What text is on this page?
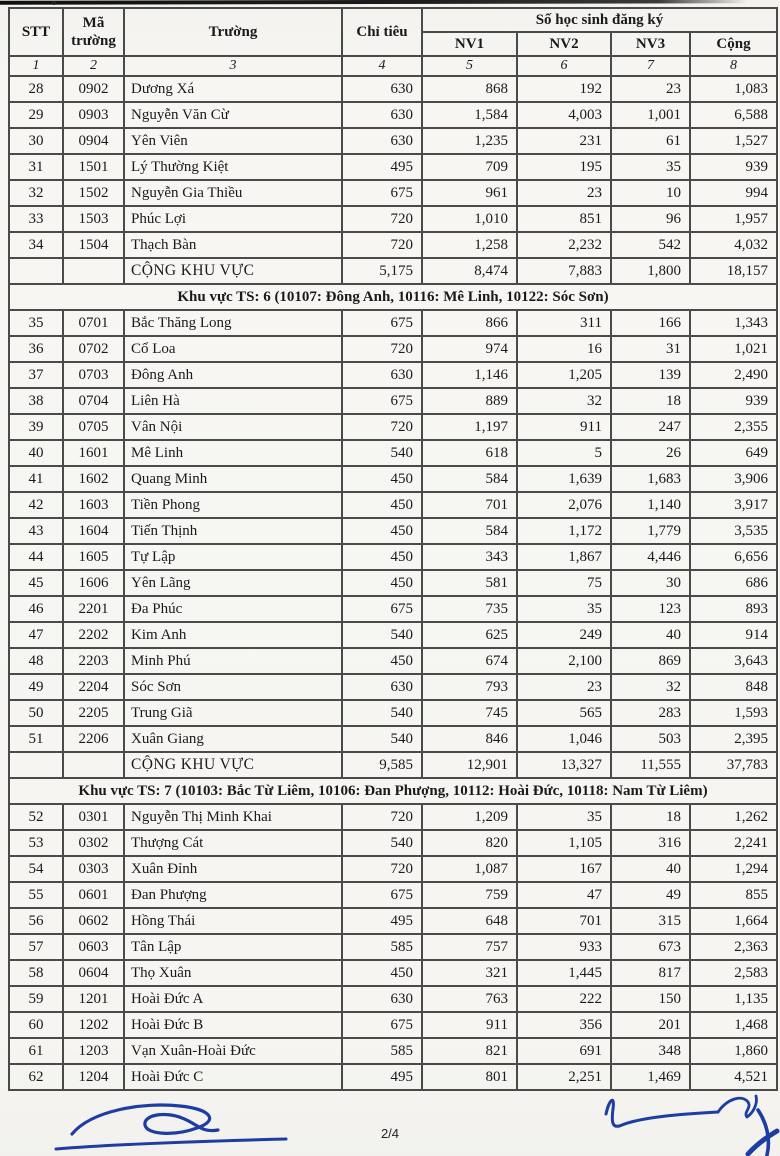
STT	Mã trường	Trường	Chỉ tiêu	Số học sinh đăng ký			
				NV1	NV2	NV3	Cộng
1	2	3	4	5	6	7	8
28	0902	Dương Xá	630	868	192	23	1,083
29	0903	Nguyễn Văn Cừ	630	1,584	4,003	1,001	6,588
30	0904	Yên Viên	630	1,235	231	61	1,527
31	1501	Lý Thường Kiệt	495	709	195	35	939
32	1502	Nguyễn Gia Thiều	675	961	23	10	994
33	1503	Phúc Lợi	720	1,010	851	96	1,957
34	1504	Thạch Bàn	720	1,258	2,232	542	4,032
		CỘNG KHU VỰC	5,175	8,474	7,883	1,800	18,157
Khu vực TS: 6 (10107: Đông Anh, 10116: Mê Linh, 10122: Sóc Sơn)							
35	0701	Bắc Thăng Long	675	866	311	166	1,343
36	0702	Cổ Loa	720	974	16	31	1,021
37	0703	Đông Anh	630	1,146	1,205	139	2,490
38	0704	Liên Hà	675	889	32	18	939
39	0705	Vân Nội	720	1,197	911	247	2,355
40	1601	Mê Linh	540	618	5	26	649
41	1602	Quang Minh	450	584	1,639	1,683	3,906
42	1603	Tiền Phong	450	701	2,076	1,140	3,917
43	1604	Tiến Thịnh	450	584	1,172	1,779	3,535
44	1605	Tự Lập	450	343	1,867	4,446	6,656
45	1606	Yên Lãng	450	581	75	30	686
46	2201	Đa Phúc	675	735	35	123	893
47	2202	Kim Anh	540	625	249	40	914
48	2203	Minh Phú	450	674	2,100	869	3,643
49	2204	Sóc Sơn	630	793	23	32	848
50	2205	Trung Giã	540	745	565	283	1,593
51	2206	Xuân Giang	540	846	1,046	503	2,395
		CỘNG KHU VỰC	9,585	12,901	13,327	11,555	37,783
Khu vực TS: 7 (10103: Bắc Từ Liêm, 10106: Đan Phượng, 10112: Hoài Đức, 10118: Nam Từ Liêm)							
52	0301	Nguyễn Thị Minh Khai	720	1,209	35	18	1,262
53	0302	Thượng Cát	540	820	1,105	316	2,241
54	0303	Xuân Đỉnh	720	1,087	167	40	1,294
55	0601	Đan Phượng	675	759	47	49	855
56	0602	Hồng Thái	495	648	701	315	1,664
57	0603	Tân Lập	585	757	933	673	2,363
58	0604	Thọ Xuân	450	321	1,445	817	2,583
59	1201	Hoài Đức A	630	763	222	150	1,135
60	1202	Hoài Đức B	675	911	356	201	1,468
61	1203	Vạn Xuân-Hoài Đức	585	821	691	348	1,860
62	1204	Hoài Đức C	495	801	2,251	1,469	4,521
2/4
